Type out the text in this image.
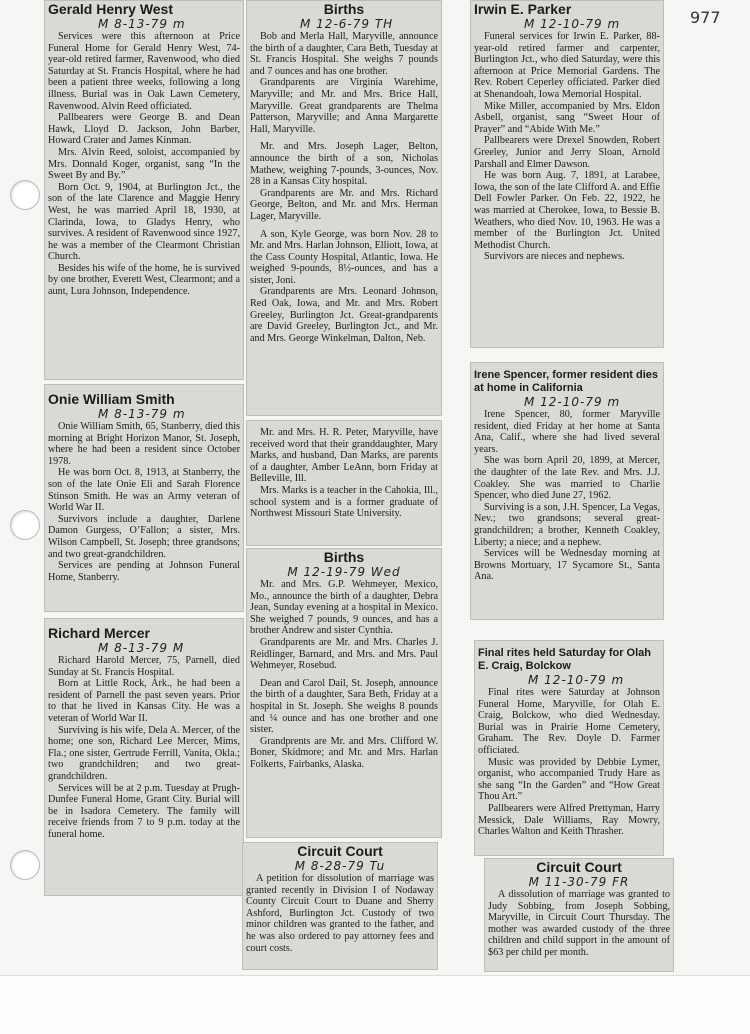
977
Gerald Henry West
M 8-13-79 m

Services were this afternoon at Price Funeral Home for Gerald Henry West, 74-year-old retired farmer, Ravenwood, who died Saturday at St. Francis Hospital, where he had been a patient three weeks, following a long illness. Burial was in Oak Lawn Cemetery, Ravenwood. Alvin Reed officiated.

Pallbearers were George B. and Dean Hawk, Lloyd D. Jackson, John Barber, Howard Crater and James Kinman.

Mrs. Alvin Reed, soloist, accompanied by Mrs. Donnald Koger, organist, sang “In the Sweet By and By.”

Born Oct. 9, 1904, at Burlington Jct., the son of the late Clarence and Maggie Henry West, he was married April 18, 1930, at Clarinda, Iowa, to Gladys Henry, who survives. A resident of Ravenwood since 1927, he was a member of the Clearmont Christian Church.

Besides his wife of the home, he is survived by one brother, Everett West, Clearmont; and a aunt, Lura Johnson, Independence.

Onie William Smith
M 8-13-79 m

Onie William Smith, 65, Stanberry, died this morning at Bright Horizon Manor, St. Joseph, where he had been a resident since October 1978.

He was born Oct. 8, 1913, at Stanberry, the son of the late Onie Eli and Sarah Florence Stinson Smith. He was an Army veteran of World War II.

Survivors include a daughter, Darlene Damon Gurgess, O’Fallon; a sister, Mrs. Wilson Campbell, St. Joseph; three grandsons; and two great-grandchildren.

Services are pending at Johnson Funeral Home, Stanberry.

Richard Mercer
M 8-13-79 M

Richard Harold Mercer, 75, Parnell, died Sunday at St. Francis Hospital.

Born at Little Rock, Ark., he had been a resident of Parnell the past seven years. Prior to that he lived in Kansas City. He was a veteran of World War II.

Surviving is his wife, Dela A. Mercer, of the home; one son, Richard Lee Mercer, Mims, Fla.; one sister, Gertrude Ferrill, Vanita, Okla.; two grandchildren; and two great-grandchildren.

Services will be at 2 p.m. Tuesday at Prugh-Dunfee Funeral Home, Grant City. Burial will be in Isadora Cemetery. The family will receive friends from 7 to 9 p.m. today at the funeral home.

Births
M 12-6-79 TH

Bob and Merla Hall, Maryville, announce the birth of a daughter, Cara Beth, Tuesday at St. Francis Hospital. She weighs 7 pounds and 7 ounces and has one brother.

Grandparents are Virginia Warehime, Maryville; and Mr. and Mrs. Brice Hall, Maryville. Great grandparents are Thelma Patterson, Maryville; and Anna Margarette Hall, Maryville.

Mr. and Mrs. Joseph Lager, Belton, announce the birth of a son, Nicholas Mathew, weighing 7-pounds, 3-ounces, Nov. 28 in a Kansas City hospital.

Grandparents are Mr. and Mrs. Richard George, Belton, and Mr. and Mrs. Herman Lager, Maryville.

A son, Kyle George, was born Nov. 28 to Mr. and Mrs. Harlan Johnson, Elliott, Iowa, at the Cass County Hospital, Atlantic, Iowa. He weighed 9-pounds, 8½-ounces, and has a sister, Joni.

Grandparents are Mrs. Leonard Johnson, Red Oak, Iowa, and Mr. and Mrs. Robert Greeley, Burlington Jct. Great-grandparents are David Greeley, Burlington Jct., and Mr. and Mrs. George Winkelman, Dalton, Neb.

Mr. and Mrs. H. R. Peter, Maryville, have received word that their granddaughter, Mary Marks, and husband, Dan Marks, are parents of a daughter, Amber LeAnn, born Friday at Belleville, Ill.

Mrs. Marks is a teacher in the Cahokia, Ill., school system and is a former graduate of Northwest Missouri State University.

Births
M 12-19-79 Wed

Mr. and Mrs. G.P. Wehmeyer, Mexico, Mo., announce the birth of a daughter, Debra Jean, Sunday evening at a hospital in Mexico. She weighed 7 pounds, 9 ounces, and has a brother Andrew and sister Cynthia.

Grandparents are Mr. and Mrs. Charles J. Reidlinger, Barnard, and Mrs. and Mrs. Paul Wehmeyer, Rosebud.

Dean and Carol Dail, St. Joseph, announce the birth of a daughter, Sara Beth, Friday at a hospital in St. Joseph. She weighs 8 pounds and ¼ ounce and has one brother and one sister.

Grandprents are Mr. and Mrs. Clifford W. Boner, Skidmore; and Mr. and Mrs. Harlan Folkerts, Fairbanks, Alaska.

Circuit Court
M 8-28-79 Tu

A petition for dissolution of marriage was granted recently in Division I of Nodaway County Circuit Court to Duane and Sherry Ashford, Burlington Jct. Custody of two minor children was granted to the father, and he was also ordered to pay attorney fees and court costs.

Irwin E. Parker
M 12-10-79 m

Funeral services for Irwin E. Parker, 88-year-old retired farmer and carpenter, Burlington Jct., who died Saturday, were this afternoon at Price Memorial Gardens. The Rev. Robert Ceperley officiated. Parker died at Shenandoah, Iowa Memorial Hospital.

Mike Miller, accompanied by Mrs. Eldon Asbell, organist, sang “Sweet Hour of Prayer” and “Abide With Me.”

Pallbearers were Drexel Snowden, Robert Greeley, Junior and Jerry Sloan, Arnold Parshall and Elmer Dawson.

He was born Aug. 7, 1891, at Larabee, Iowa, the son of the late Clifford A. and Effie Dell Fowler Parker. On Feb. 22, 1922, he was married at Cherokee, Iowa, to Bessie B. Weathers, who died Nov. 10, 1963. He was a member of the Burlington Jct. United Methodist Church.

Survivors are nieces and nephews.

Irene Spencer, former resident dies at home in California
M 12-10-79 m

Irene Spencer, 80, former Maryville resident, died Friday at her home at Santa Ana, Calif., where she had lived several years.

She was born April 20, 1899, at Mercer, the daughter of the late Rev. and Mrs. J.J. Coakley. She was married to Charlie Spencer, who died June 27, 1962.

Surviving is a son, J.H. Spencer, La Vegas, Nev.; two grandsons; several great-grandchildren; a brother, Kenneth Coakley, Liberty; a niece; and a nephew.

Services will be Wednesday morning at Browns Mortuary, 17 Sycamore St., Santa Ana.

Final rites held Saturday for Olah E. Craig, Bolckow
M 12-10-79 m

Final rites were Saturday at Johnson Funeral Home, Maryville, for Olah E. Craig, Bolckow, who died Wednesday. Burial was in Prairie Home Cemetery, Graham. The Rev. Doyle D. Farmer officiated.

Music was provided by Debbie Lymer, organist, who accompanied Trudy Hare as she sang “In the Garden” and “How Great Thou Art.”

Pallbearers were Alfred Prettyman, Harry Messick, Dale Williams, Ray Mowry, Charles Walton and Keith Thrasher.

Circuit Court
M 11-30-79 FR

A dissolution of marriage was granted to Judy Sobbing, from Joseph Sobbing, Maryville, in Circuit Court Thursday. The mother was awarded custody of the three children and child support in the amount of $63 per child per month.
